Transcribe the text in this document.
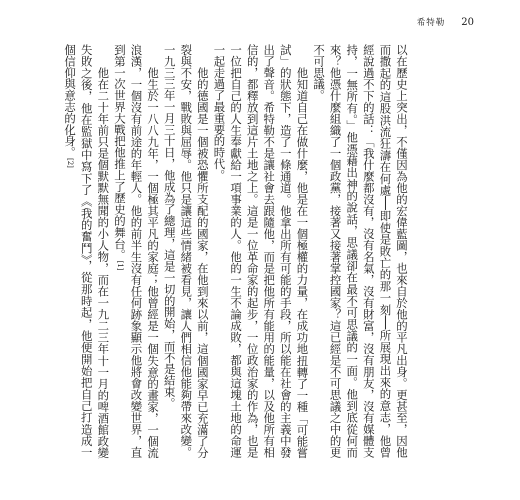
希特勒 20

以在歷史上突出，不僅因為他的宏偉藍圖，也來自於他的平凡出身。更甚至，因他而撒起的這股洪流狂濤在何處──即使是敗亡的那一刻──所展現出來的意志，他曾經說過不下的話：「我什麼都沒有，沒有名氣，沒有財富，沒有朋友，沒有媒體支持，一無所有。」他憑藉出神的說話，思議卻在最不可思議的一面。他到底從何而來？他憑什麼組織了一個政黨，接著又接著掌控國家？這已經是不可思議之中的更不可思議。

他知道自己在做什麼，他是在一個極權的力量，在成功地扭轉了一種「可能嘗試」的狀態下，造了一條通道。他拿出所有可能的手段，所以能在社會的主義中發出了聲音。希特勒不是讓社會去跟隨他，而是把他所有能用的能量，以及他所有相信的，都釋放到這片土地之上。這是一位革命家的起步，一位政治家的作為，也是一位把自己的人生奉獻給一項事業的人。他的一生不論成敗，都與這塊土地的命運一起走過了最重要的時代。

他的德國是一個被恐懼所支配的國家，在他到來以前，這個國家早已充滿了分裂與不安，戰敗與屈辱。他只是讓這些情緒被看見，讓人們相信他能夠帶來改變。一九三三年一月三十日，他成為了總理，這是一切的開始，而不是結束。

他生於一八八九年，一個極其平凡的家庭；他曾經是一個失意的畫家，一個流浪漢，一個沒有前途的年輕人。他的前半生沒有任何跡象顯示他將會改變世界，直到第一次世界大戰把他推上了歷史的舞台。[1]

他在二十年前只是個默默無聞的小人物，而在一九二三年十一月的啤酒館政變失敗之後，他在監獄中寫下了《我的奮鬥》，從那時起，他便開始把自己打造成一個信仰與意志的化身。[2]
